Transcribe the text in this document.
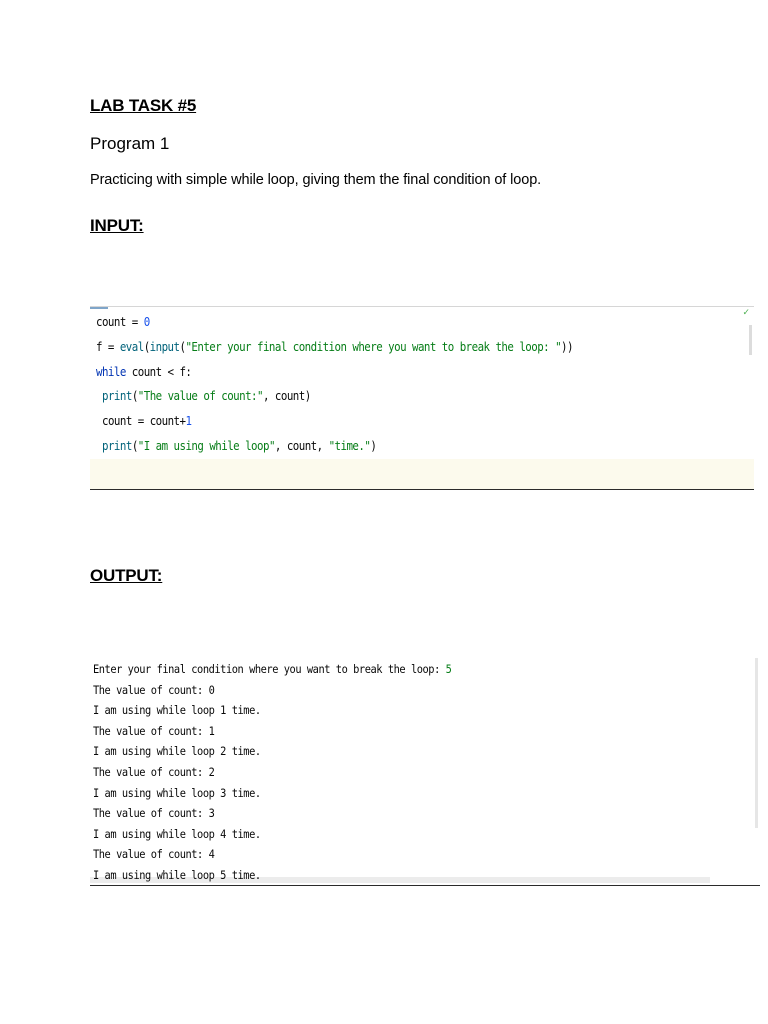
LAB TASK #5
Program 1
Practicing with simple while loop, giving them the final condition of loop.
INPUT:
✓
count = 0
f = eval(input("Enter your final condition where you want to break the loop: "))
while count < f:
print("The value of count:", count)
count = count+1
print("I am using while loop", count, "time.")
OUTPUT:
Enter your final condition where you want to break the loop: 5
The value of count: 0
I am using while loop 1 time.
The value of count: 1
I am using while loop 2 time.
The value of count: 2
I am using while loop 3 time.
The value of count: 3
I am using while loop 4 time.
The value of count: 4
I am using while loop 5 time.
